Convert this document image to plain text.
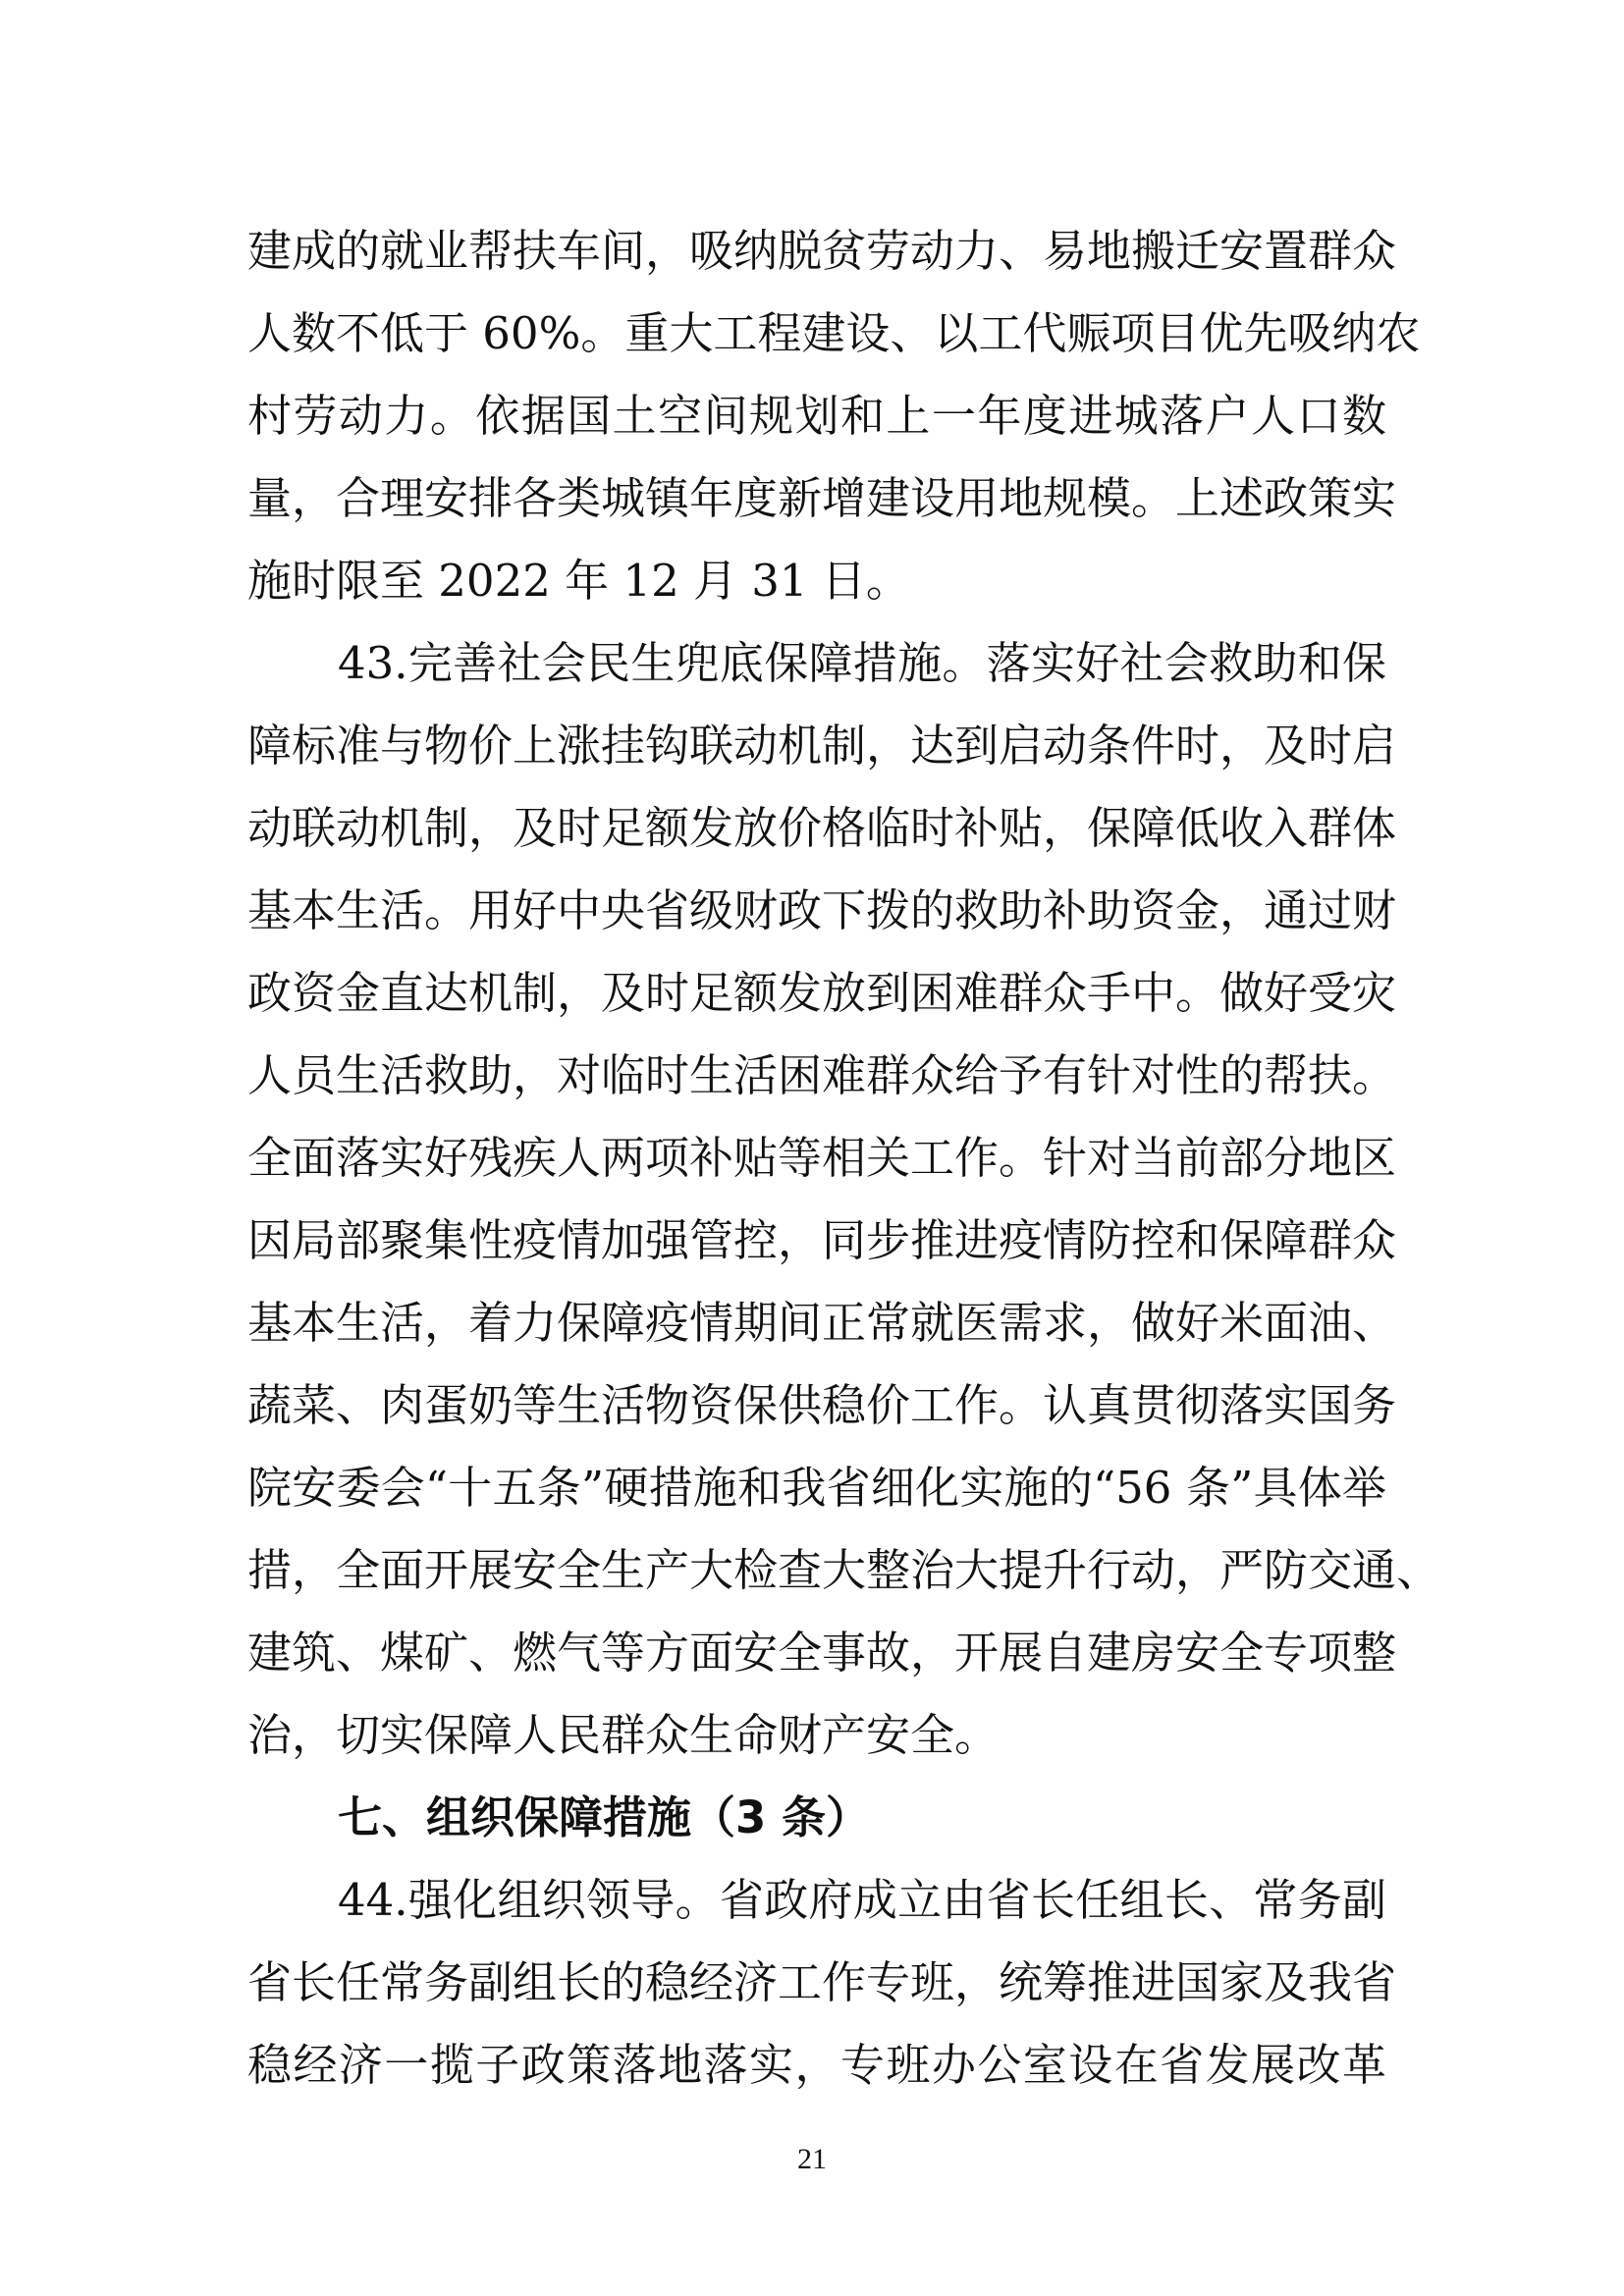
建成的就业帮扶车间，吸纳脱贫劳动力、易地搬迁安置群众
人数不低于 60%。重大工程建设、以工代赈项目优先吸纳农
村劳动力。依据国土空间规划和上一年度进城落户人口数
量，合理安排各类城镇年度新增建设用地规模。上述政策实
施时限至 2022 年 12 月 31 日。
43.完善社会民生兜底保障措施。落实好社会救助和保
障标准与物价上涨挂钩联动机制，达到启动条件时，及时启
动联动机制，及时足额发放价格临时补贴，保障低收入群体
基本生活。用好中央省级财政下拨的救助补助资金，通过财
政资金直达机制，及时足额发放到困难群众手中。做好受灾
人员生活救助，对临时生活困难群众给予有针对性的帮扶。
全面落实好残疾人两项补贴等相关工作。针对当前部分地区
因局部聚集性疫情加强管控，同步推进疫情防控和保障群众
基本生活，着力保障疫情期间正常就医需求，做好米面油、
蔬菜、肉蛋奶等生活物资保供稳价工作。认真贯彻落实国务
院安委会“十五条”硬措施和我省细化实施的“56 条”具体举
措，全面开展安全生产大检查大整治大提升行动，严防交通、
建筑、煤矿、燃气等方面安全事故，开展自建房安全专项整
治，切实保障人民群众生命财产安全。
七、组织保障措施（3 条）
44.强化组织领导。省政府成立由省长任组长、常务副
省长任常务副组长的稳经济工作专班，统筹推进国家及我省
稳经济一揽子政策落地落实，专班办公室设在省发展改革
21
